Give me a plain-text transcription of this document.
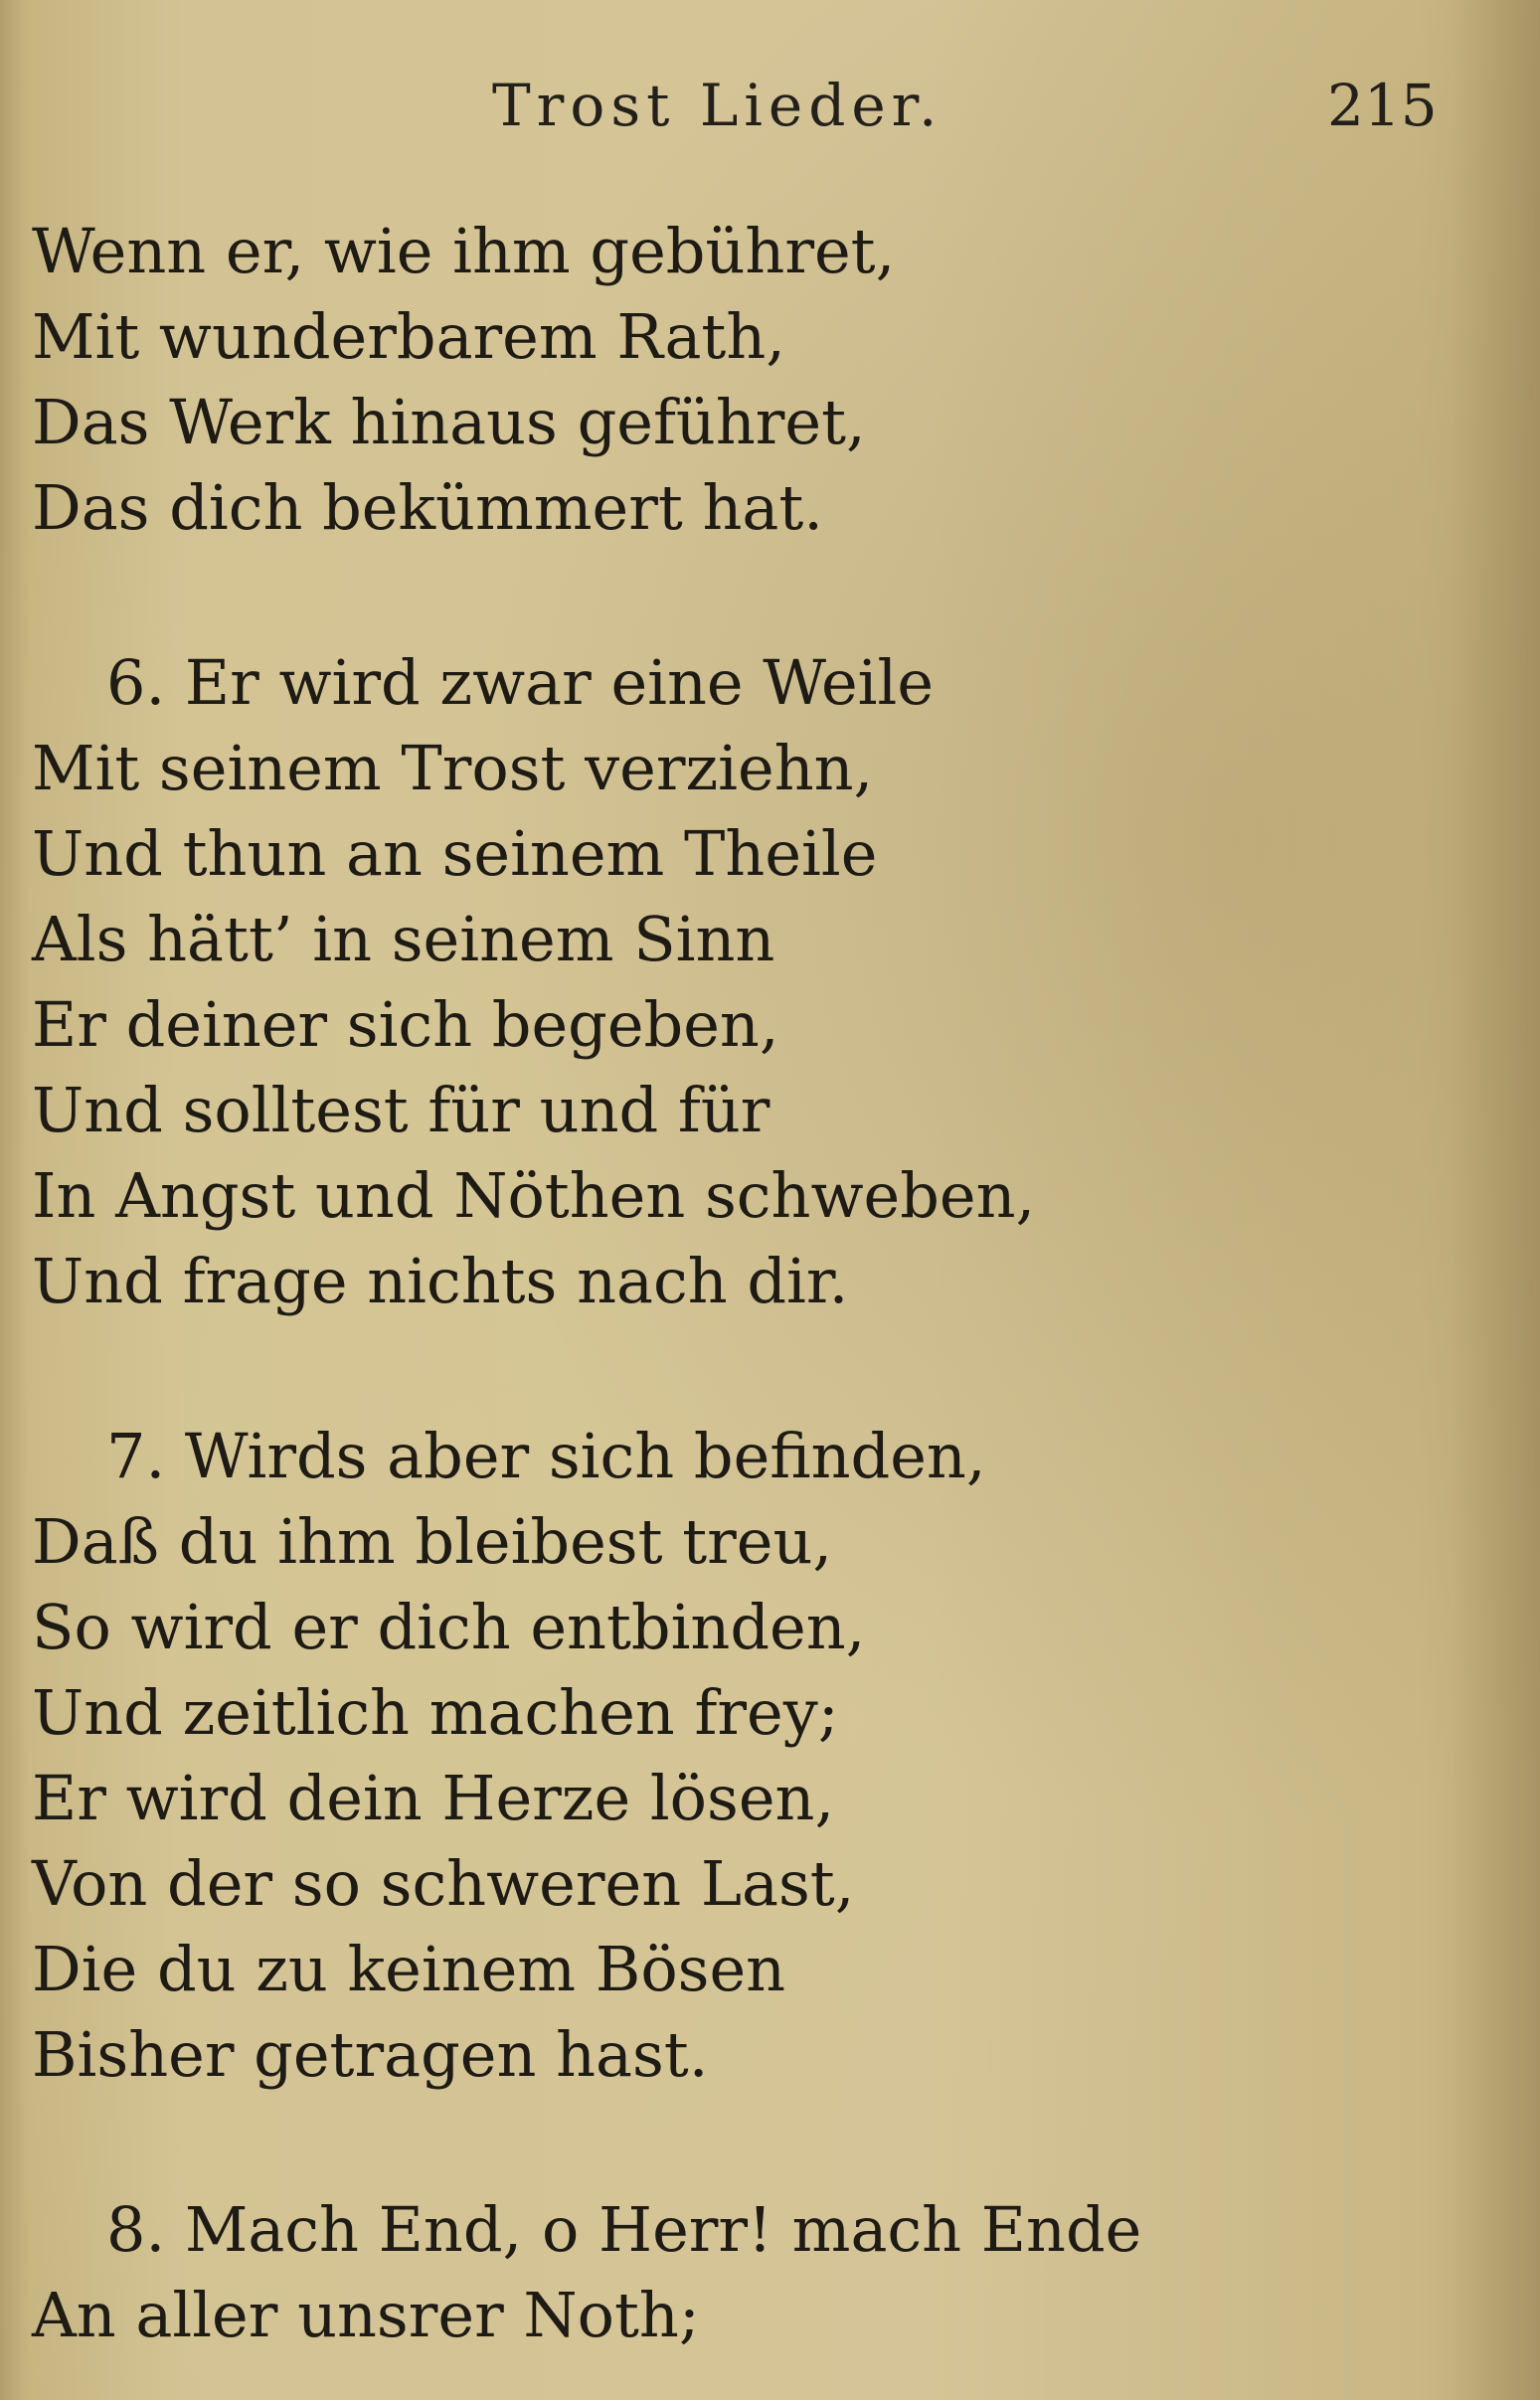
Trost Lieder.	215
Wenn er, wie ihm gebühret,
Mit wunderbarem Rath,
Das Werk hinaus geführet,
Das dich bekümmert hat.
6. Er wird zwar eine Weile
Mit seinem Trost verziehn,
Und thun an seinem Theile
Als hätt’ in seinem Sinn
Er deiner sich begeben,
Und solltest für und für
In Angst und Nöthen schweben,
Und frage nichts nach dir.
7. Wirds aber sich befinden,
Daß du ihm bleibest treu,
So wird er dich entbinden,
Und zeitlich machen frey;
Er wird dein Herze lösen,
Von der so schweren Last,
Die du zu keinem Bösen
Bisher getragen hast.
8. Mach End, o Herr! mach Ende
An aller unsrer Noth;
